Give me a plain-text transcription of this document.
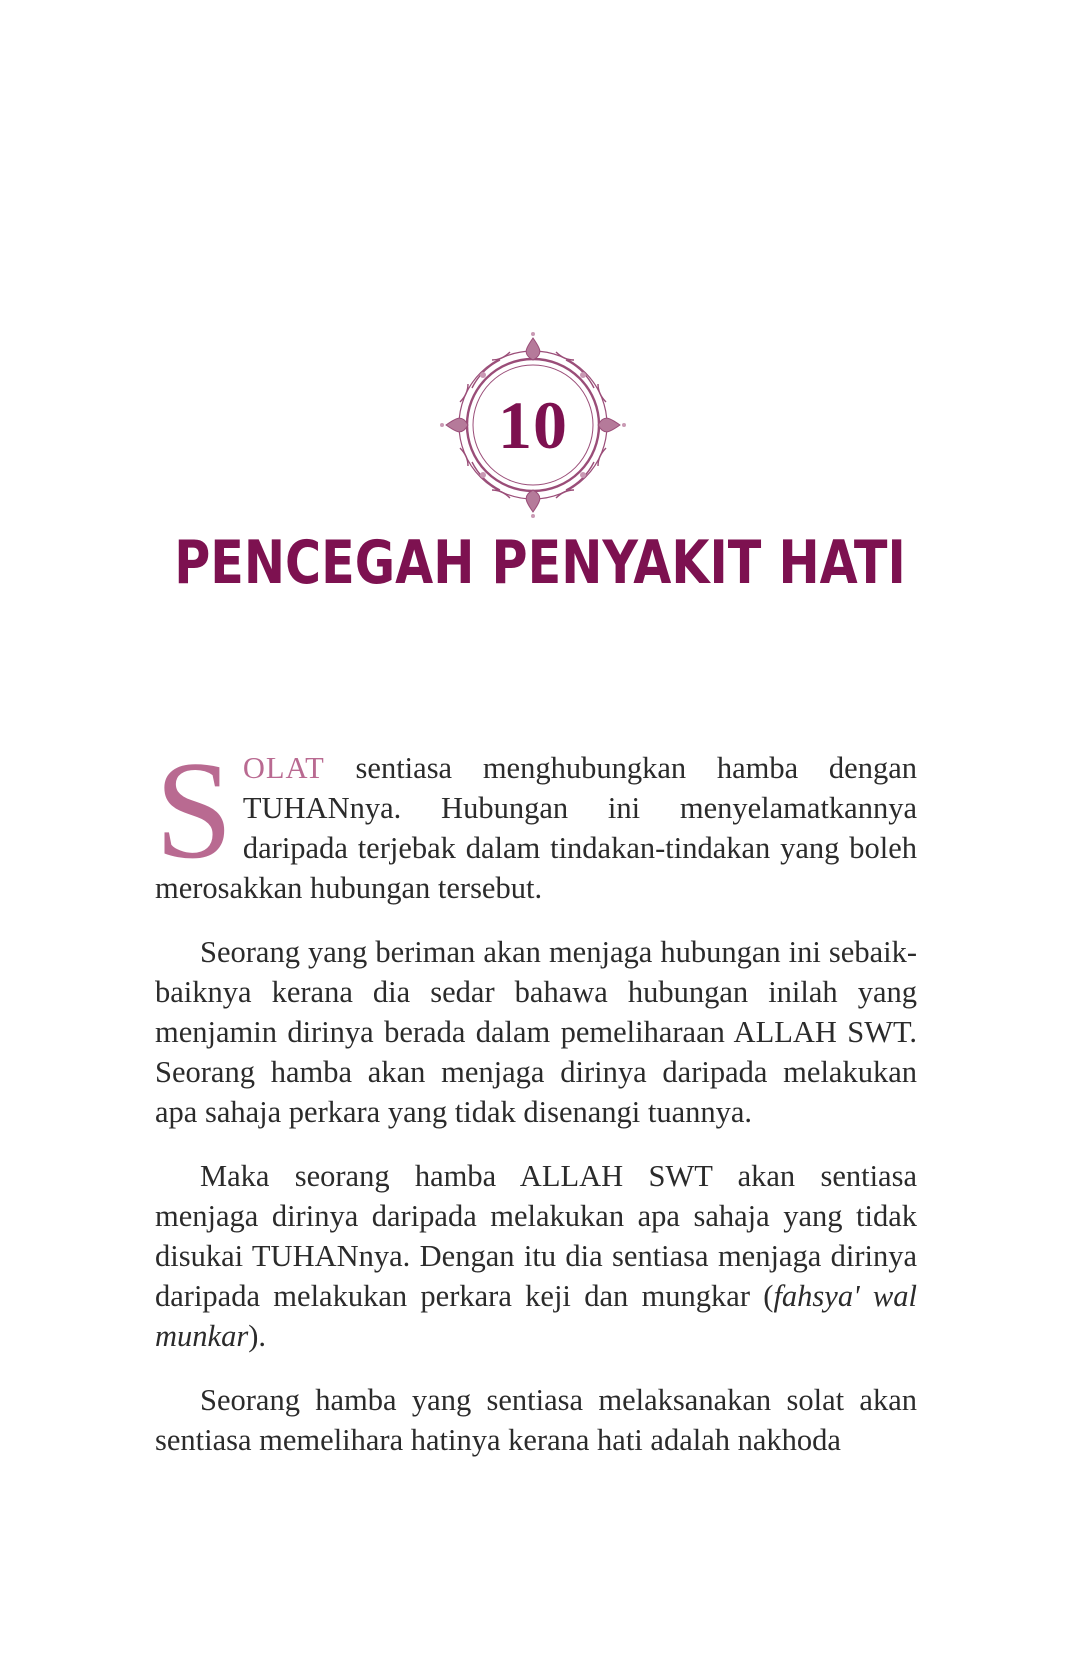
10
PENCEGAH PENYAKIT HATI

SOLAT sentiasa menghubungkan hamba dengan TUHANnya. Hubungan ini menyelamatkannya daripada terjebak dalam tindakan-tindakan yang boleh merosakkan hubungan tersebut.

Seorang yang beriman akan menjaga hubungan ini sebaik-baiknya kerana dia sedar bahawa hubungan inilah yang menjamin dirinya berada dalam pemeliharaan ALLAH SWT. Seorang hamba akan menjaga dirinya daripada melakukan apa sahaja perkara yang tidak disenangi tuannya.

Maka seorang hamba ALLAH SWT akan sentiasa menjaga dirinya daripada melakukan apa sahaja yang tidak disukai TUHANnya. Dengan itu dia sentiasa menjaga dirinya daripada melakukan perkara keji dan mungkar (fahsya' wal munkar).

Seorang hamba yang sentiasa melaksanakan solat akan sentiasa memelihara hatinya kerana hati adalah nakhoda
